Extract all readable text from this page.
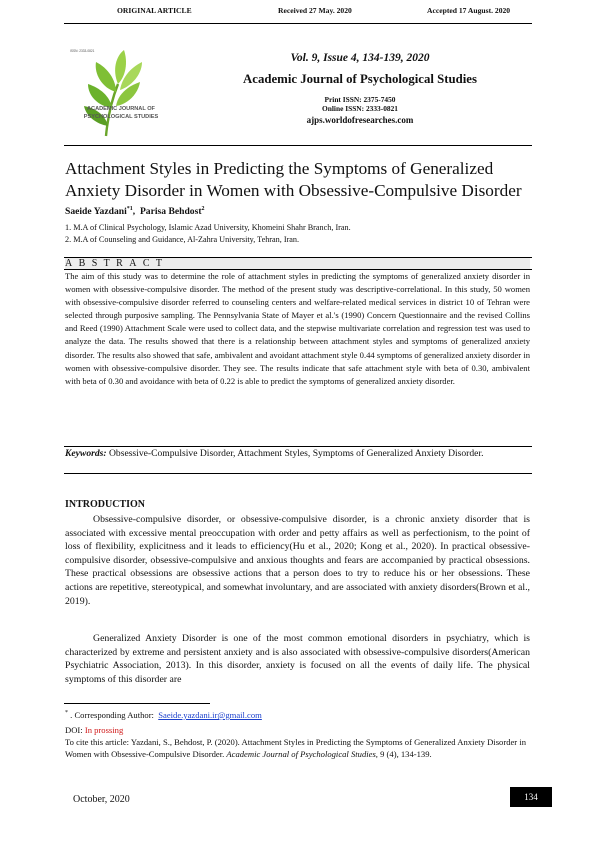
ORIGINAL ARTICLE	Received 27 May. 2020	Accepted 17 August. 2020
ISSN: 2333-0821
ACADEMIC JOURNAL OF
PSYCHOLOGICAL STUDIES
Vol. 9, Issue 4, 134-139, 2020
Academic Journal of Psychological Studies
Print ISSN: 2375-7450
Online ISSN: 2333-0821
ajps.worldofresearches.com
Attachment Styles in Predicting the Symptoms of Generalized Anxiety Disorder in Women with Obsessive-Compulsive Disorder
Saeide Yazdani$^{*1}$,  Parisa Behdost$^2$
1. M.A of Clinical Psychology, Islamic Azad University, Khomeini Shahr Branch, Iran.
2. M.A of Counseling and Guidance, Al-Zahra University, Tehran, Iran.
ABSTRACT
The aim of this study was to determine the role of attachment styles in predicting the symptoms of generalized anxiety disorder in women with obsessive-compulsive disorder. The method of the present study was descriptive-correlational. In this study, 50 women with obsessive-compulsive disorder referred to counseling centers and welfare-related medical services in district 10 of Tehran were selected through purposive sampling. The Pennsylvania State of Mayer et al.'s (1990) Concern Questionnaire and the revised Collins and Reed (1990) Attachment Scale were used to collect data, and the stepwise multivariate correlation and regression test was used to analyze the data. The results showed that there is a relationship between attachment styles and symptoms of generalized anxiety disorder. The results also showed that safe, ambivalent and avoidant attachment style 0.44 symptoms of generalized anxiety disorder in women with obsessive-compulsive disorder. They see. The results indicate that safe attachment style with beta of 0.30, ambivalent with beta of 0.30 and avoidance with beta of 0.22 is able to predict the symptoms of generalized anxiety disorder.
Keywords: Obsessive-Compulsive Disorder, Attachment Styles, Symptoms of Generalized Anxiety Disorder.
INTRODUCTION
Obsessive-compulsive disorder, or obsessive-compulsive disorder, is a chronic anxiety disorder that is associated with excessive mental preoccupation with order and petty affairs as well as perfectionism, to the point of loss of flexibility, explicitness and it leads to efficiency(Hu et al., 2020; Kong et al., 2020). In practical obsessive-compulsive disorder, obsessive-compulsive and anxious thoughts and fears are accompanied by practical obsessions. These practical obsessions are obsessive actions that a person does to try to reduce his or her obsessions. These actions are repetitive, stereotypical, and somewhat involuntary, and are associated with anxiety disorders(Brown et al., 2019).
Generalized Anxiety Disorder is one of the most common emotional disorders in psychiatry, which is characterized by extreme and persistent anxiety and is also associated with obsessive-compulsive disorders(American Psychiatric Association, 2013). In this disorder, anxiety is focused on all the events of daily life. The physical symptoms of this disorder are
* . Corresponding Author: Saeide.yazdani.ir@gmail.com
DOI: In prossing
To cite this article: Yazdani, S., Behdost, P. (2020). Attachment Styles in Predicting the Symptoms of Generalized Anxiety Disorder in Women with Obsessive-Compulsive Disorder. Academic Journal of Psychological Studies, 9 (4), 134-139.
October, 2020	134
